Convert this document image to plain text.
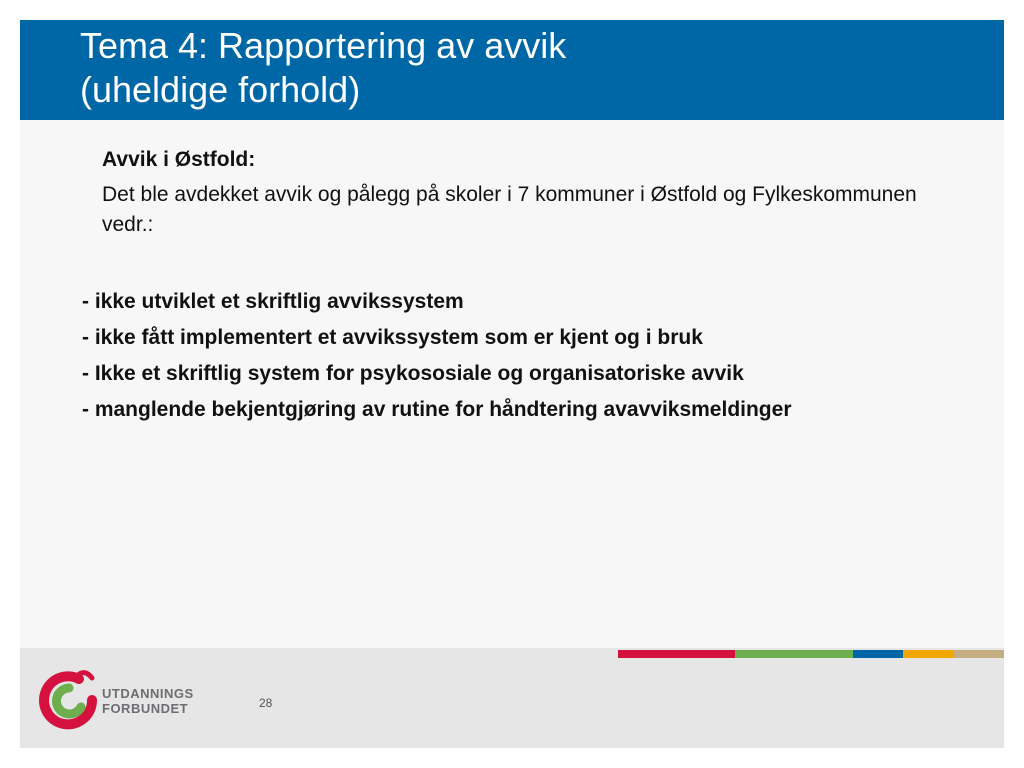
Tema 4: Rapportering av avvik
(uheldige forhold)
Avvik i Østfold:
Det ble avdekket avvik og pålegg på skoler i 7 kommuner i Østfold og Fylkeskommunen vedr.:
- ikke utviklet et skriftlig avvikssystem
- ikke fått implementert et avvikssystem som er kjent og i bruk
- Ikke et skriftlig system for psykososiale og organisatoriske avvik
- manglende bekjentgjøring av rutine for håndtering avavviksmeldinger
UTDANNINGS
FORBUNDET	28
